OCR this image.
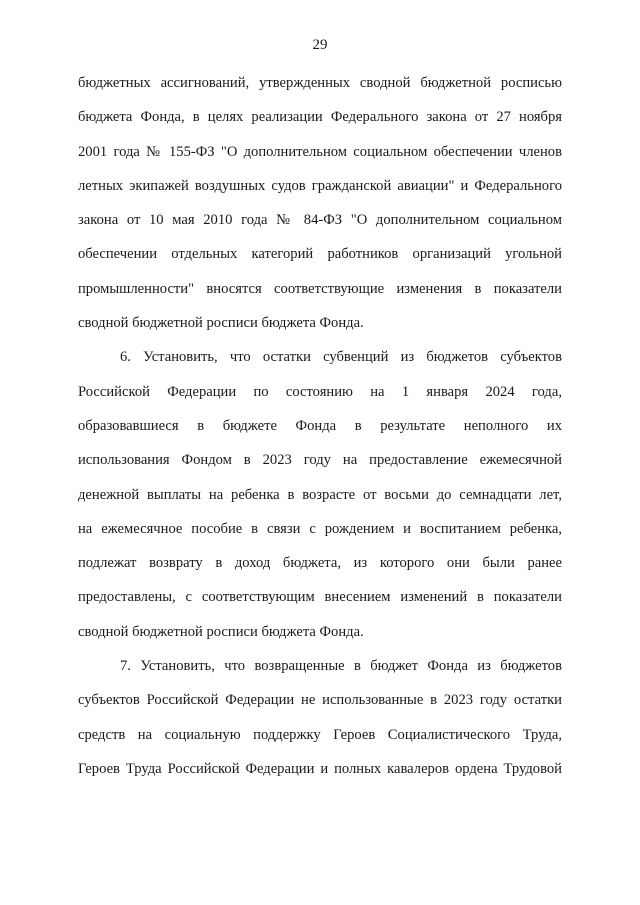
29
бюджетных ассигнований, утвержденных сводной бюджетной росписью
бюджета Фонда, в целях реализации Федерального закона от 27 ноября
2001 года № 155-ФЗ "О дополнительном социальном обеспечении членов
летных экипажей воздушных судов гражданской авиации" и Федерального
закона от 10 мая 2010 года № 84-ФЗ "О дополнительном социальном
обеспечении отдельных категорий работников организаций угольной
промышленности" вносятся соответствующие изменения в показатели
сводной бюджетной росписи бюджета Фонда.
6. Установить, что остатки субвенций из бюджетов субъектов
Российской Федерации по состоянию на 1 января 2024 года,
образовавшиеся в бюджете Фонда в результате неполного их
использования Фондом в 2023 году на предоставление ежемесячной
денежной выплаты на ребенка в возрасте от восьми до семнадцати лет,
на ежемесячное пособие в связи с рождением и воспитанием ребенка,
подлежат возврату в доход бюджета, из которого они были ранее
предоставлены, с соответствующим внесением изменений в показатели
сводной бюджетной росписи бюджета Фонда.
7. Установить, что возвращенные в бюджет Фонда из бюджетов
субъектов Российской Федерации не использованные в 2023 году остатки
средств на социальную поддержку Героев Социалистического Труда,
Героев Труда Российской Федерации и полных кавалеров ордена Трудовой
